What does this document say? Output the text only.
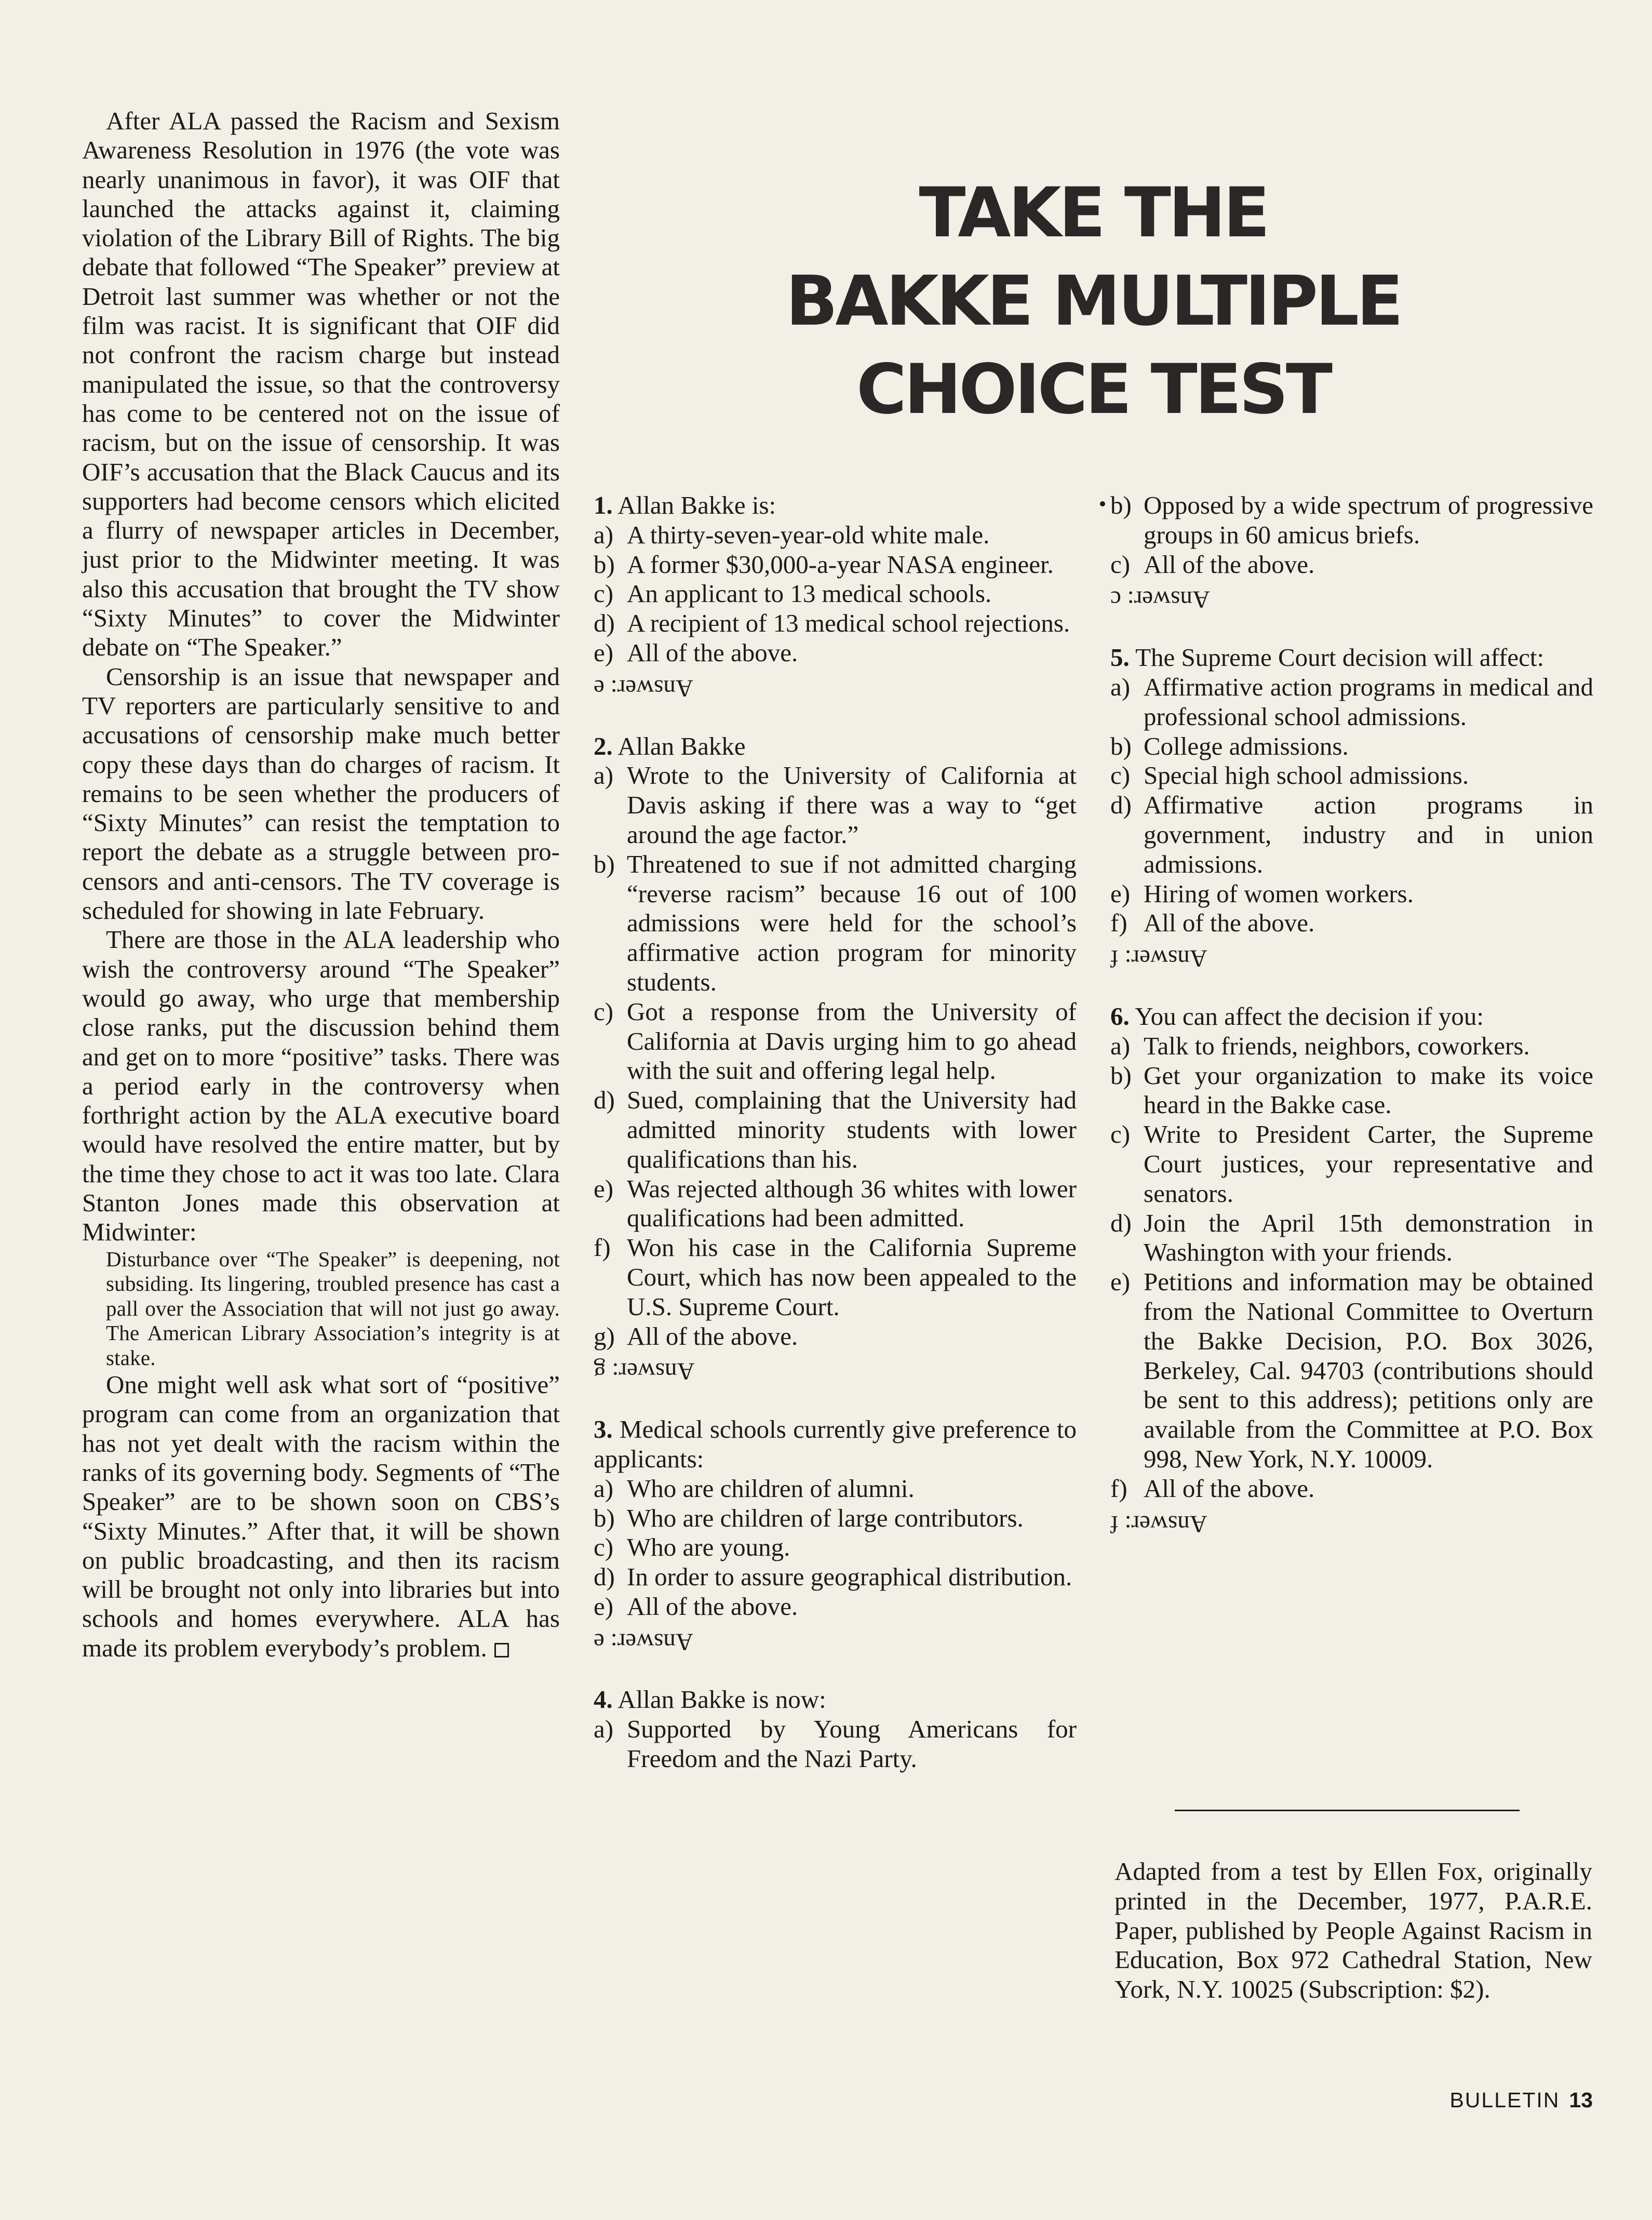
After ALA passed the Racism and Sexism Awareness Resolution in 1976 (the vote was nearly unanimous in favor), it was OIF that launched the attacks against it, claiming violation of the Library Bill of Rights. The big debate that followed “The Speaker” preview at Detroit last summer was whether or not the film was racist. It is significant that OIF did not confront the racism charge but instead manipulated the issue, so that the controversy has come to be centered not on the issue of racism, but on the issue of censorship. It was OIF’s accusation that the Black Caucus and its supporters had become censors which elicited a flurry of newspaper articles in December, just prior to the Midwinter meeting. It was also this accusation that brought the TV show “Sixty Minutes” to cover the Midwinter debate on “The Speaker.”

Censorship is an issue that newspaper and TV reporters are particularly sensitive to and accusations of censorship make much better copy these days than do charges of racism. It remains to be seen whether the producers of “Sixty Minutes” can resist the temptation to report the debate as a struggle between pro-censors and anti-censors. The TV coverage is scheduled for showing in late February.

There are those in the ALA leadership who wish the controversy around “The Speaker” would go away, who urge that membership close ranks, put the discussion behind them and get on to more “positive” tasks. There was a period early in the controversy when forthright action by the ALA executive board would have resolved the entire matter, but by the time they chose to act it was too late. Clara Stanton Jones made this observation at Midwinter:

Disturbance over “The Speaker” is deepening, not subsiding. Its lingering, troubled presence has cast a pall over the Association that will not just go away. The American Library Association’s integrity is at stake.

One might well ask what sort of “positive” program can come from an organization that has not yet dealt with the racism within the ranks of its governing body. Segments of “The Speaker” are to be shown soon on CBS’s “Sixty Minutes.” After that, it will be shown on public broadcasting, and then its racism will be brought not only into libraries but into schools and homes everywhere. ALA has made its problem everybody’s problem.

TAKE THE
BAKKE MULTIPLE
CHOICE TEST

1. Allan Bakke is:

a) A thirty-seven-year-old white male.
b) A former $30,000-a-year NASA engineer.
c) An applicant to 13 medical schools.
d) A recipient of 13 medical school rejections.
e) All of the above.
Answer: e

2. Allan Bakke

a) Wrote to the University of California at Davis asking if there was a way to “get around the age factor.”
b) Threatened to sue if not admitted charging “reverse racism” because 16 out of 100 admissions were held for the school’s affirmative action program for minority students.
c) Got a response from the University of California at Davis urging him to go ahead with the suit and offering legal help.
d) Sued, complaining that the University had admitted minority students with lower qualifications than his.
e) Was rejected although 36 whites with lower qualifications had been admitted.
f) Won his case in the California Supreme Court, which has now been appealed to the U.S. Supreme Court.
g) All of the above.
Answer: g

3. Medical schools currently give preference to applicants:

a) Who are children of alumni.
b) Who are children of large contributors.
c) Who are young.
d) In order to assure geographical distribution.
e) All of the above.
Answer: e

4. Allan Bakke is now:

a) Supported by Young Americans for Freedom and the Nazi Party.
b) Opposed by a wide spectrum of progressive groups in 60 amicus briefs.
c) All of the above.
Answer: c

5. The Supreme Court decision will affect:

a) Affirmative action programs in medical and professional school admissions.
b) College admissions.
c) Special high school admissions.
d) Affirmative action programs in government, industry and in union admissions.
e) Hiring of women workers.
f) All of the above.
Answer: f

6. You can affect the decision if you:

a) Talk to friends, neighbors, coworkers.
b) Get your organization to make its voice heard in the Bakke case.
c) Write to President Carter, the Supreme Court justices, your representative and senators.
d) Join the April 15th demonstration in Washington with your friends.
e) Petitions and information may be obtained from the National Committee to Overturn the Bakke Decision, P.O. Box 3026, Berkeley, Cal. 94703 (contributions should be sent to this address); petitions only are available from the Committee at P.O. Box 998, New York, N.Y. 10009.
f) All of the above.
Answer: f

Adapted from a test by Ellen Fox, originally printed in the December, 1977, P.A.R.E. Paper, published by People Against Racism in Education, Box 972 Cathedral Station, New York, N.Y. 10025 (Subscription: $2).

BULLETIN 13
